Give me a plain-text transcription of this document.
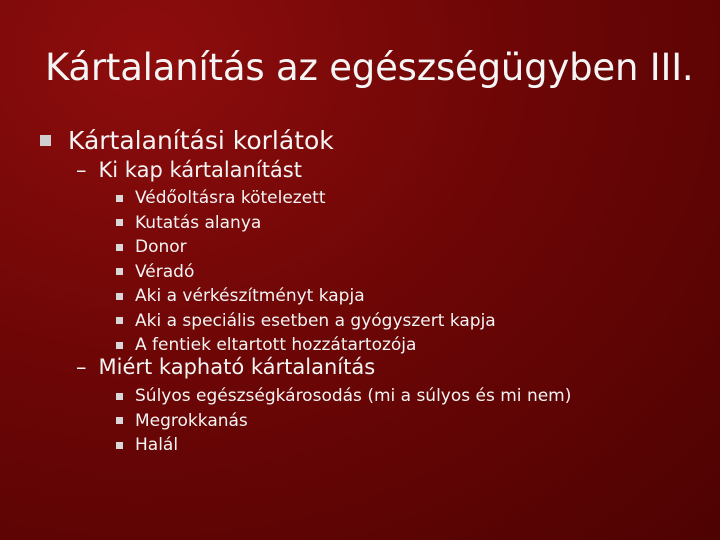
Kártalanítás az egészségügyben III.
Kártalanítási korlátok
– Ki kap kártalanítást
Védőoltásra kötelezett
Kutatás alanya
Donor
Véradó
Aki a vérkészítményt kapja
Aki a speciális esetben a gyógyszert kapja
A fentiek eltartott hozzátartozója
– Miért kapható kártalanítás
Súlyos egészségkárosodás (mi a súlyos és mi nem)
Megrokkanás
Halál
